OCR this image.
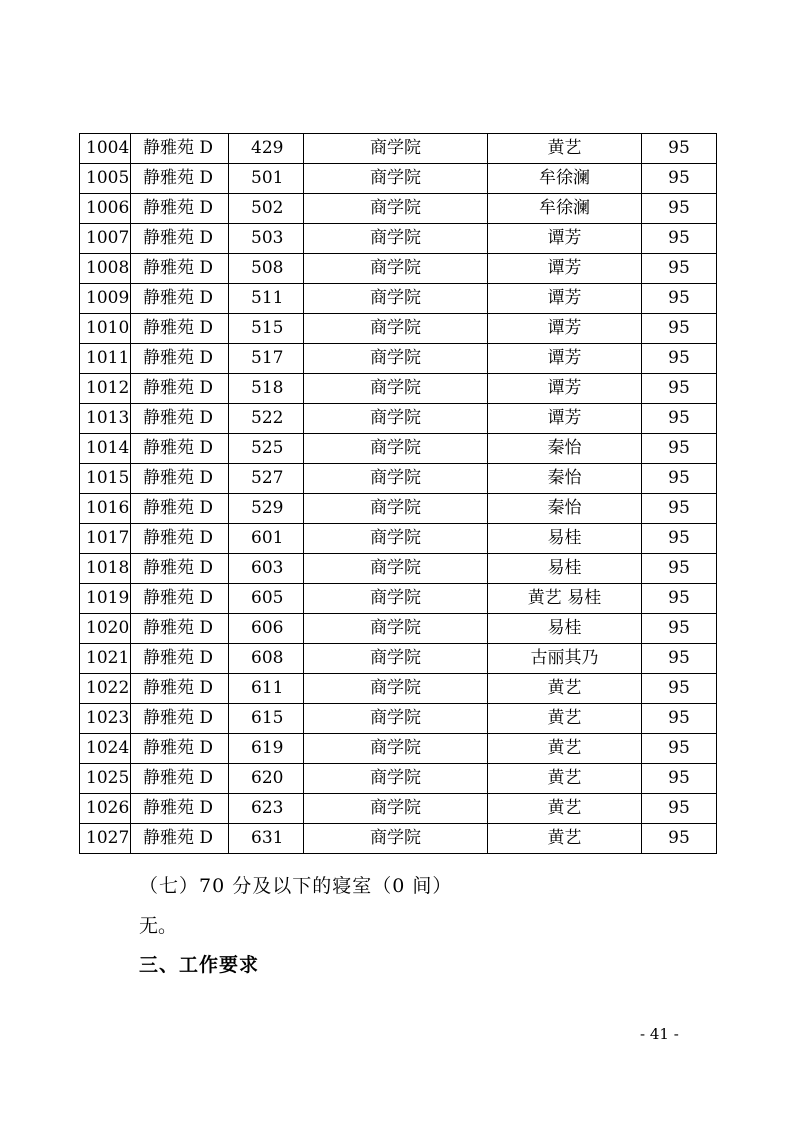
1004	静雅苑 D	429	商学院	黄艺	95
1005	静雅苑 D	501	商学院	牟徐澜	95
1006	静雅苑 D	502	商学院	牟徐澜	95
1007	静雅苑 D	503	商学院	谭芳	95
1008	静雅苑 D	508	商学院	谭芳	95
1009	静雅苑 D	511	商学院	谭芳	95
1010	静雅苑 D	515	商学院	谭芳	95
1011	静雅苑 D	517	商学院	谭芳	95
1012	静雅苑 D	518	商学院	谭芳	95
1013	静雅苑 D	522	商学院	谭芳	95
1014	静雅苑 D	525	商学院	秦怡	95
1015	静雅苑 D	527	商学院	秦怡	95
1016	静雅苑 D	529	商学院	秦怡	95
1017	静雅苑 D	601	商学院	易桂	95
1018	静雅苑 D	603	商学院	易桂	95
1019	静雅苑 D	605	商学院	黄艺 易桂	95
1020	静雅苑 D	606	商学院	易桂	95
1021	静雅苑 D	608	商学院	古丽其乃	95
1022	静雅苑 D	611	商学院	黄艺	95
1023	静雅苑 D	615	商学院	黄艺	95
1024	静雅苑 D	619	商学院	黄艺	95
1025	静雅苑 D	620	商学院	黄艺	95
1026	静雅苑 D	623	商学院	黄艺	95
1027	静雅苑 D	631	商学院	黄艺	95

（七）70 分及以下的寝室（0 间）

无。

三、工作要求

- 41 -
